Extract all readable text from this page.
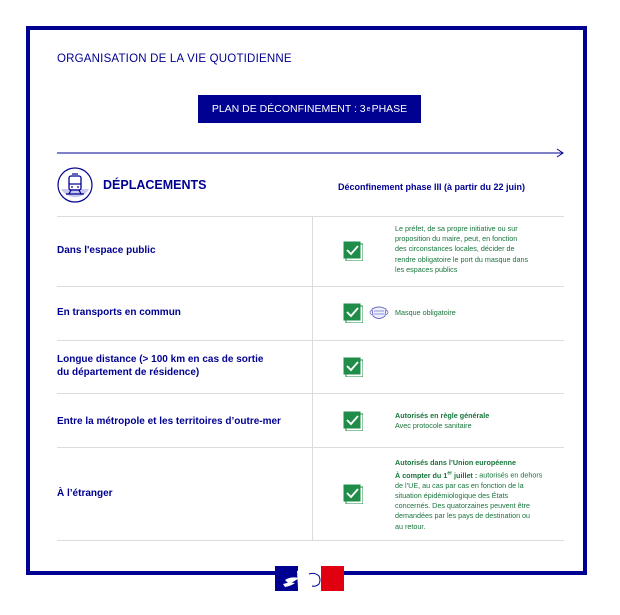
ORGANISATION DE LA VIE QUOTIDIENNE
PLAN DE DÉCONFINEMENT : 3 e PHASE
DÉPLACEMENTS	Déconfinement phase III (à partir du 22 juin)
Dans l'espace public
Le préfet, de sa propre initiative ou sur
proposition du maire, peut, en fonction
des circonstances locales, décider de
rendre obligatoire le port du masque dans
les espaces publics
En transports en commun	Masque obligatoire
Longue distance (> 100 km en cas de sortie
du département de résidence)
Entre la métropole et les territoires d’outre-mer
Autorisés en règle générale
Avec protocole sanitaire
À l’étranger
Autorisés dans l’Union européenne
À compter du 1er juillet : autorisés en dehors
de l’UE, au cas par cas en fonction de la
situation épidémiologique des États
concernés. Des quatorzaines peuvent être
demandées par les pays de destination ou
au retour.
